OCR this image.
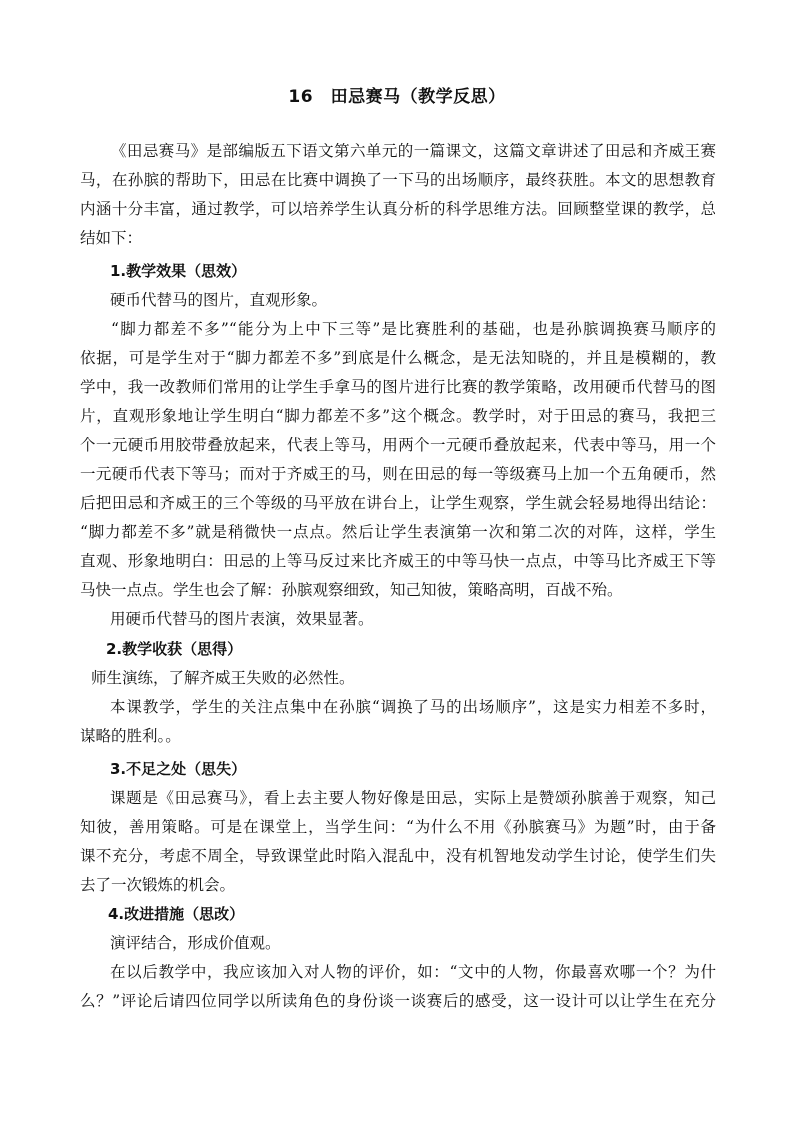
16　田忌赛马（教学反思）
《田忌赛马》是部编版五下语文第六单元的一篇课文，这篇文章讲述了田忌和齐威王赛
马，在孙膑的帮助下，田忌在比赛中调换了一下马的出场顺序，最终获胜。本文的思想教育
内涵十分丰富，通过教学，可以培养学生认真分析的科学思维方法。回顾整堂课的教学，总
结如下：
1.教学效果（思效）
硬币代替马的图片，直观形象。
“脚力都差不多”“能分为上中下三等”是比赛胜利的基础，也是孙膑调换赛马顺序的
依据，可是学生对于“脚力都差不多”到底是什么概念，是无法知晓的，并且是模糊的，教
学中，我一改教师们常用的让学生手拿马的图片进行比赛的教学策略，改用硬币代替马的图
片，直观形象地让学生明白“脚力都差不多”这个概念。教学时，对于田忌的赛马，我把三
个一元硬币用胶带叠放起来，代表上等马，用两个一元硬币叠放起来，代表中等马，用一个
一元硬币代表下等马；而对于齐威王的马，则在田忌的每一等级赛马上加一个五角硬币，然
后把田忌和齐威王的三个等级的马平放在讲台上，让学生观察，学生就会轻易地得出结论：
“脚力都差不多”就是稍微快一点点。然后让学生表演第一次和第二次的对阵，这样，学生
直观、形象地明白：田忌的上等马反过来比齐威王的中等马快一点点，中等马比齐威王下等
马快一点点。学生也会了解：孙膑观察细致，知己知彼，策略高明，百战不殆。
用硬币代替马的图片表演，效果显著。
2.教学收获（思得）
师生演练，了解齐威王失败的必然性。
本课教学，学生的关注点集中在孙膑“调换了马的出场顺序”，这是实力相差不多时，
谋略的胜利。。
3.不足之处（思失）
课题是《田忌赛马》，看上去主要人物好像是田忌，实际上是赞颂孙膑善于观察，知己
知彼，善用策略。可是在课堂上，当学生问：“为什么不用《孙膑赛马》为题”时，由于备
课不充分，考虑不周全，导致课堂此时陷入混乱中，没有机智地发动学生讨论，使学生们失
去了一次锻炼的机会。
4.改进措施（思改）
演评结合，形成价值观。
在以后教学中，我应该加入对人物的评价，如：“文中的人物，你最喜欢哪一个？为什
么？”评论后请四位同学以所读角色的身份谈一谈赛后的感受，这一设计可以让学生在充分
